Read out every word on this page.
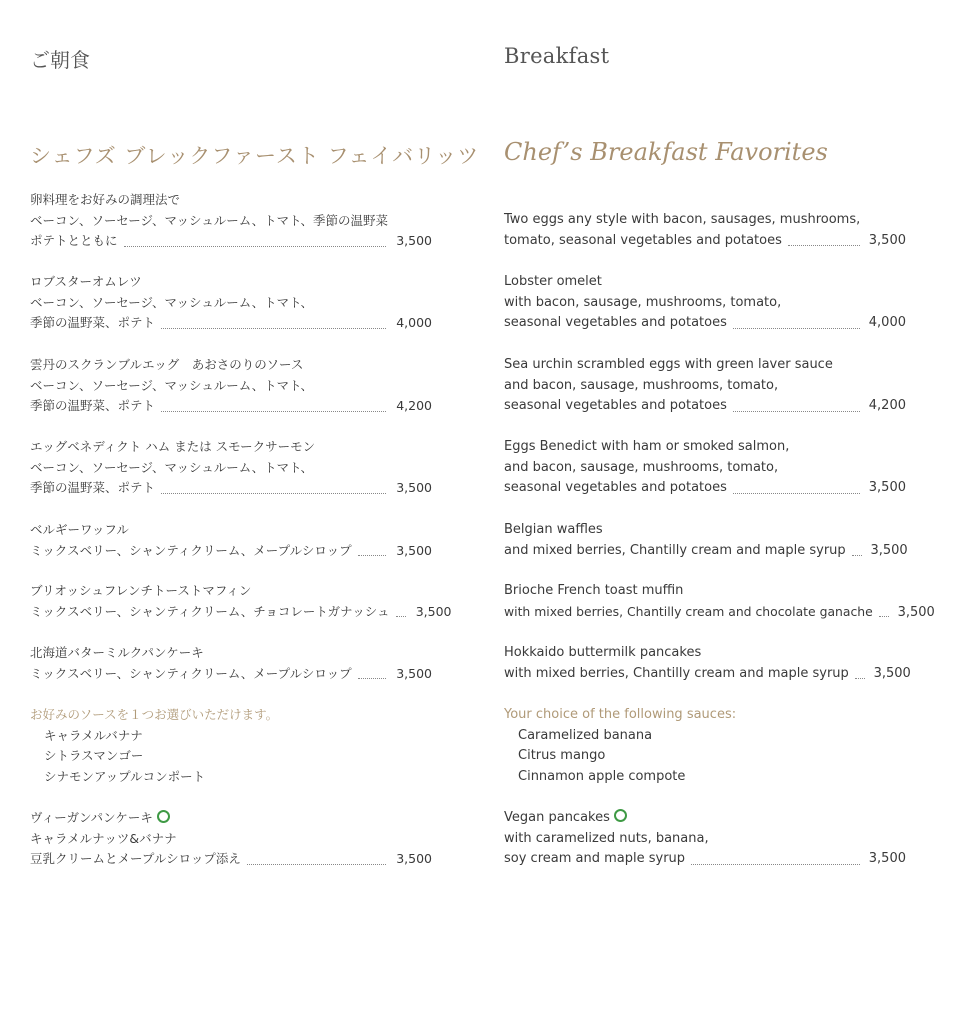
ご朝食
シェフズ ブレックファースト フェイバリッツ
卵料理をお好みの調理法で
ベーコン、ソーセージ、マッシュルーム、トマト、季節の温野菜
ポテトとともに	3,500
ロブスターオムレツ
ベーコン、ソーセージ、マッシュルーム、トマト、
季節の温野菜、ポテト	4,000
雲丹のスクランブルエッグ　あおさのりのソース
ベーコン、ソーセージ、マッシュルーム、トマト、
季節の温野菜、ポテト	4,200
エッグベネディクト ハム または スモークサーモン
ベーコン、ソーセージ、マッシュルーム、トマト、
季節の温野菜、ポテト	3,500
ベルギーワッフル
ミックスベリー、シャンティクリーム、メープルシロップ	3,500
ブリオッシュフレンチトーストマフィン
ミックスベリー、シャンティクリーム、チョコレートガナッシュ	3,500
北海道バターミルクパンケーキ
ミックスベリー、シャンティクリーム、メープルシロップ	3,500
お好みのソースを１つお選びいただけます。
キャラメルバナナ
シトラスマンゴー
シナモンアップルコンポート
ヴィーガンパンケーキ
キャラメルナッツ&バナナ
豆乳クリームとメープルシロップ添え	3,500
Breakfast
Chef’s Breakfast Favorites
Two eggs any style with bacon, sausages, mushrooms,
tomato, seasonal vegetables and potatoes	3,500
Lobster omelet
with bacon, sausage, mushrooms, tomato,
seasonal vegetables and potatoes	4,000
Sea urchin scrambled eggs with green laver sauce
and bacon, sausage, mushrooms, tomato,
seasonal vegetables and potatoes	4,200
Eggs Benedict with ham or smoked salmon,
and bacon, sausage, mushrooms, tomato,
seasonal vegetables and potatoes	3,500
Belgian waffles
and mixed berries, Chantilly cream and maple syrup 3,500
Brioche French toast muffin
with mixed berries, Chantilly cream and chocolate ganache 3,500
Hokkaido buttermilk pancakes
with mixed berries, Chantilly cream and maple syrup 3,500
Your choice of the following sauces:
Caramelized banana
Citrus mango
Cinnamon apple compote
Vegan pancakes
with caramelized nuts, banana,
soy cream and maple syrup	3,500
